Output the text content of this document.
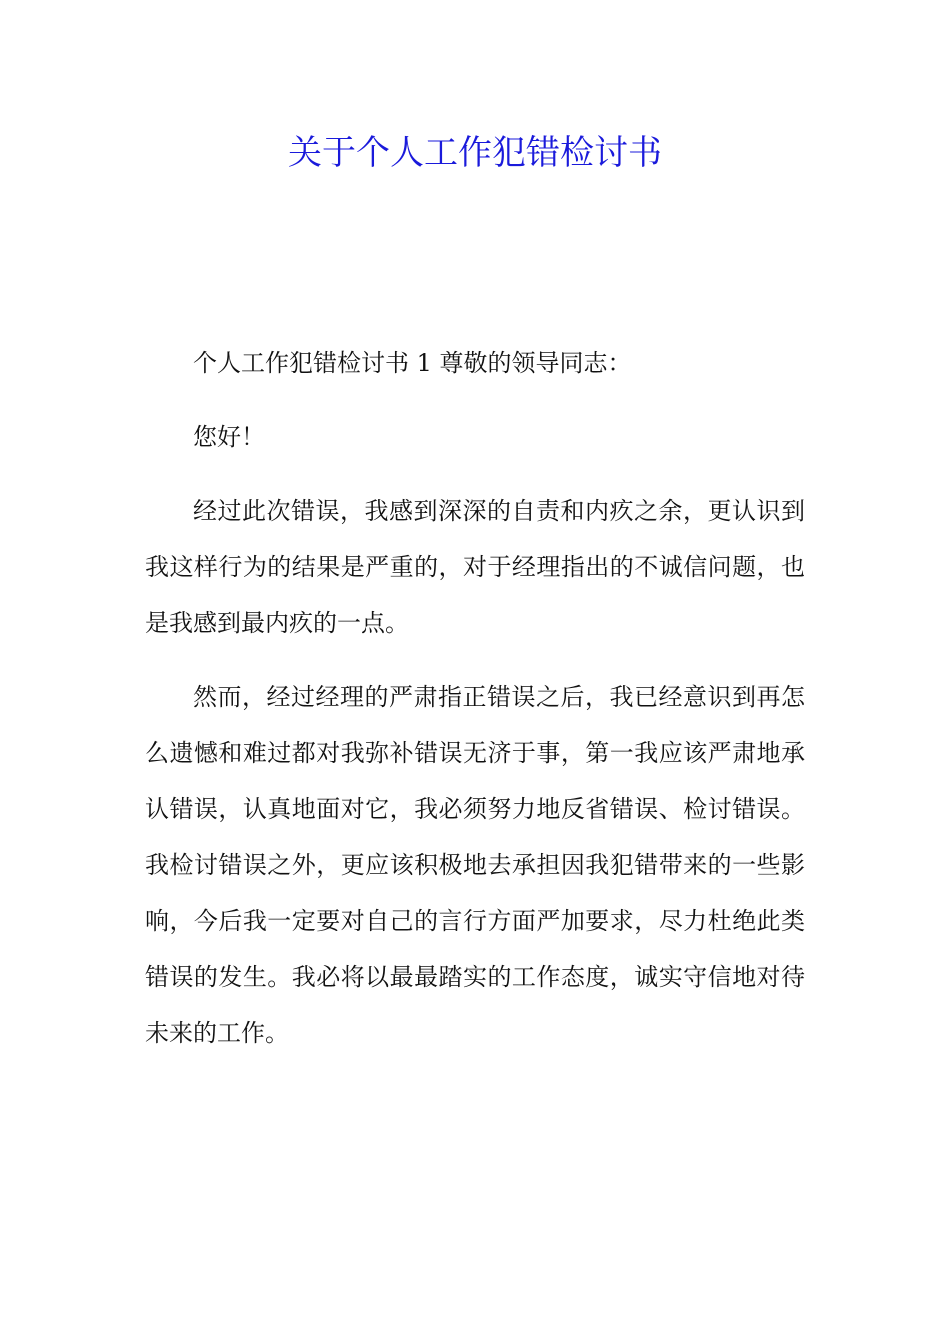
关于个人工作犯错检讨书

个人工作犯错检讨书 1 尊敬的领导同志：

您好！

经过此次错误，我感到深深的自责和内疚之余，更认识到我这样行为的结果是严重的，对于经理指出的不诚信问题，也是我感到最内疚的一点。

然而，经过经理的严肃指正错误之后，我已经意识到再怎么遗憾和难过都对我弥补错误无济于事，第一我应该严肃地承认错误，认真地面对它，我必须努力地反省错误、检讨错误。我检讨错误之外，更应该积极地去承担因我犯错带来的一些影响，今后我一定要对自己的言行方面严加要求，尽力杜绝此类错误的发生。我必将以最最踏实的工作态度，诚实守信地对待未来的工作。
